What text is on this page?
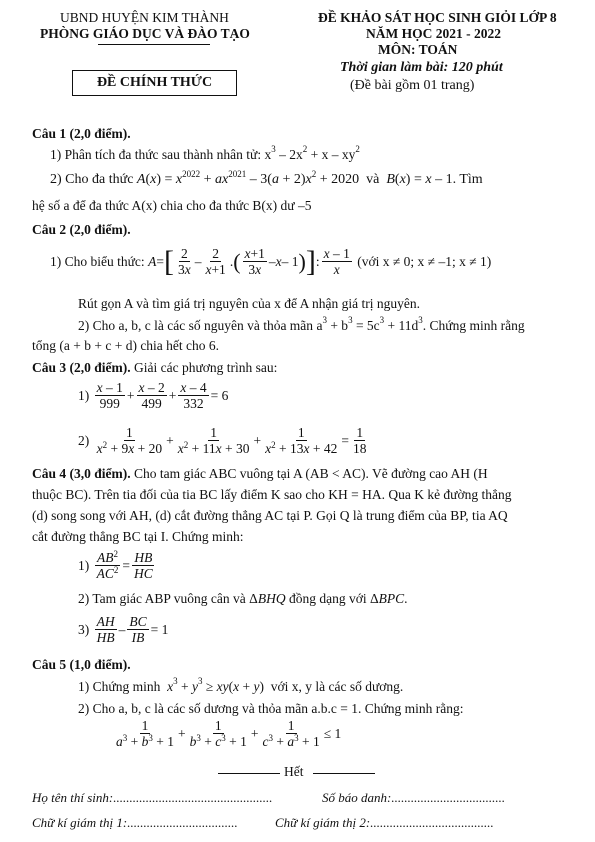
UBND HUYỆN KIM THÀNH
PHÒNG GIÁO DỤC VÀ ĐÀO TẠO
ĐỀ CHÍNH THỨC
ĐỀ KHẢO SÁT HỌC SINH GIỎI LỚP 8
NĂM HỌC 2021 - 2022
MÔN: TOÁN
Thời gian làm bài: 120 phút
(Đề bài gồm 01 trang)
Câu 1 (2,0 điểm).
1) Phân tích đa thức sau thành nhân tử: $x^3 - 2x^2 + x - xy^2$
2) Cho đa thức $A(x) = x^{2022} + ax^{2021} - 3(a + 2)x^2 + 2020$  và B(x) = x – 1. Tìm
hệ số a để đa thức A(x) chia cho đa thức B(x) dư –5
Câu 2 (2,0 điểm).
1) Cho biểu thức:
A = [ $\frac{2}{3x} - \frac{2}{x+1}$ . ( $\frac{x+1}{3x}$ – x – 1 ) ] : $\frac{x - 1}{x}$
(với x ≠ 0; x ≠ –1; x ≠ 1)
Rút gọn A và tìm giá trị nguyên của x để A nhận giá trị nguyên.
2) Cho a, b, c là các số nguyên và thỏa mãn $a^3 + b^3 = 5c^3 + 11d^3$. Chứng minh rằng
tổng (a + b + c + d) chia hết cho 6.
Câu 3 (2,0 điểm). Giải các phương trình sau:
1)
$\frac{x - 1}{999} + \frac{x - 2}{499} + \frac{x - 4}{332} = 6$
2)
$\frac{1}{x^2 + 9x + 20} + \frac{1}{x^2 + 11x + 30} + \frac{1}{x^2 + 13x + 42} = \frac{1}{18}$
Câu 4 (3,0 điểm). Cho tam giác ABC vuông tại A (AB < AC). Vẽ đường cao AH (H
thuộc BC). Trên tia đối của tia BC lấy điểm K sao cho KH = HA. Qua K kẻ đường thẳng
(d) song song với AH, (d) cắt đường thẳng AC tại P. Gọi Q là trung điểm của BP, tia AQ
cắt đường thẳng BC tại I. Chứng minh:
1)
$\frac{AB^2}{AC^2} = \frac{HB}{HC}$
2) Tam giác ABP vuông cân và ΔBHQ đồng dạng với ΔBPC.
3)
$\frac{AH}{HB} - \frac{BC}{IB} = 1$
Câu 5 (1,0 điểm).
1) Chứng minh $x^3 + y^3 \ge xy(x + y)$  với x, y là các số dương.
2) Cho a, b, c là các số dương và thỏa mãn a.b.c = 1. Chứng minh rằng:
$\frac{1}{a^3 + b^3 + 1} + \frac{1}{b^3 + c^3 + 1} + \frac{1}{c^3 + a^3 + 1} \le 1$
Hết
Họ tên thí sinh:.................................................	Số báo danh:...................................
Chữ kí giám thị 1:..................................	Chữ kí giám thị 2:......................................
